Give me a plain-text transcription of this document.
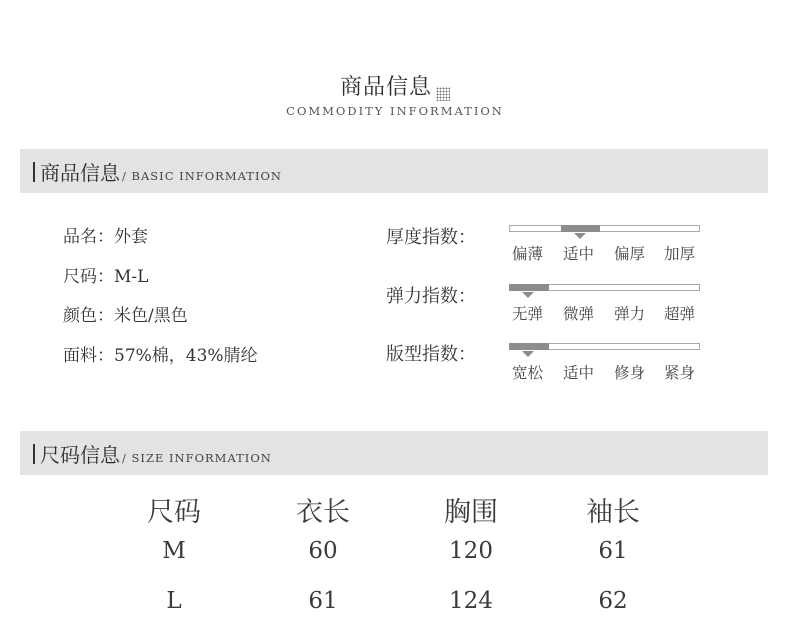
商品信息
COMMODITY INFORMATION
商品信息 / BASIC INFORMATION
品名：外套
尺码：M-L
颜色：米色/黑色
面料：57%棉，43%腈纶
厚度指数：
偏薄 适中 偏厚 加厚
弹力指数：
无弹 微弹 弹力 超弹
版型指数：
宽松 适中 修身 紧身
尺码信息 / SIZE INFORMATION
尺码	衣长	胸围	袖长
M	60	120	61
L	61	124	62
